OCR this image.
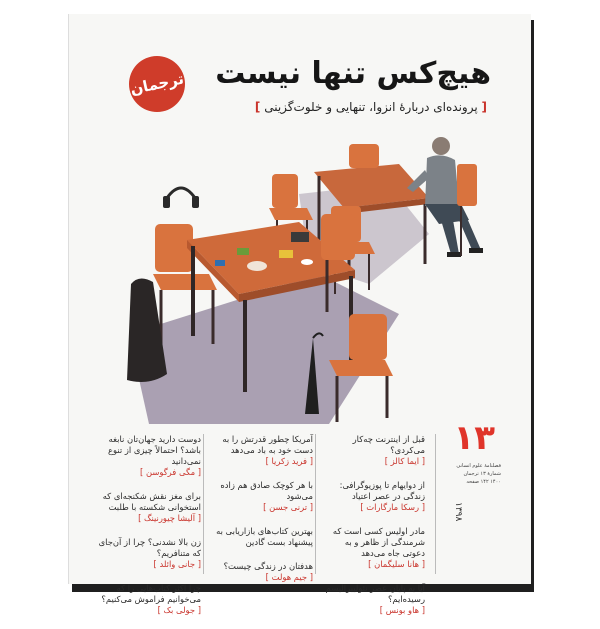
ترجمان هیچ‌کس تنها نیست
[ پرونده‌ای دربارهٔ انزوا، تنهایی و خلوت‌گزینی ]
۱۳
فصلنامهٔ علوم انسانی
شمارهٔ ۱۳ ترجمان
۱۴۰۰ ۱۴۲ صفحه
۱۳۹۸
قبل از اینترنت چه‌کار می‌کردی؟
[ ایما کالز ]
از دوایهام تا پوزیوگرافی: زندگی در عصر اعتیاد
[ رسکا مارگارات ]
مادر اولیس کسی است که شرمندگی از ظاهر و به دعوتی جاه می‌دهد
[ هانا سلیگمان ]
آیا به پایان عصر نئولیبرالیسم رسیده‌ایم؟
[ هاو بونس ]
آمریکا چطور قدرتش را به دست خود به باد می‌دهد
[ فرید زکریا ]
با هر کوچک صادق هم زاده می‌شود
[ ترنی جسن ]
بهترین کتاب‌های بازاریابی به پیشنهاد بست گادین
هدفتان در زندگی چیست؟
[ جیم هولت ]
دوست دارید جهان‌تان نابغه باشد؟ احتمالاً چیزی از تنوع نمی‌دانید
[ مگی فرگوسن ]
برای مغز نقش شکنجه‌ای که استخوانی شکسته با طلبت
[ آلیشا چیورنینگ ]
زن بالا نشدنی؟ چرا از آن‌جای که متنافریم؟
[ جانی وائلد ]
چرا اکثر کتاب‌هایی را که می‌خوانیم فراموش می‌کنیم؟
[ جولی بک ]
